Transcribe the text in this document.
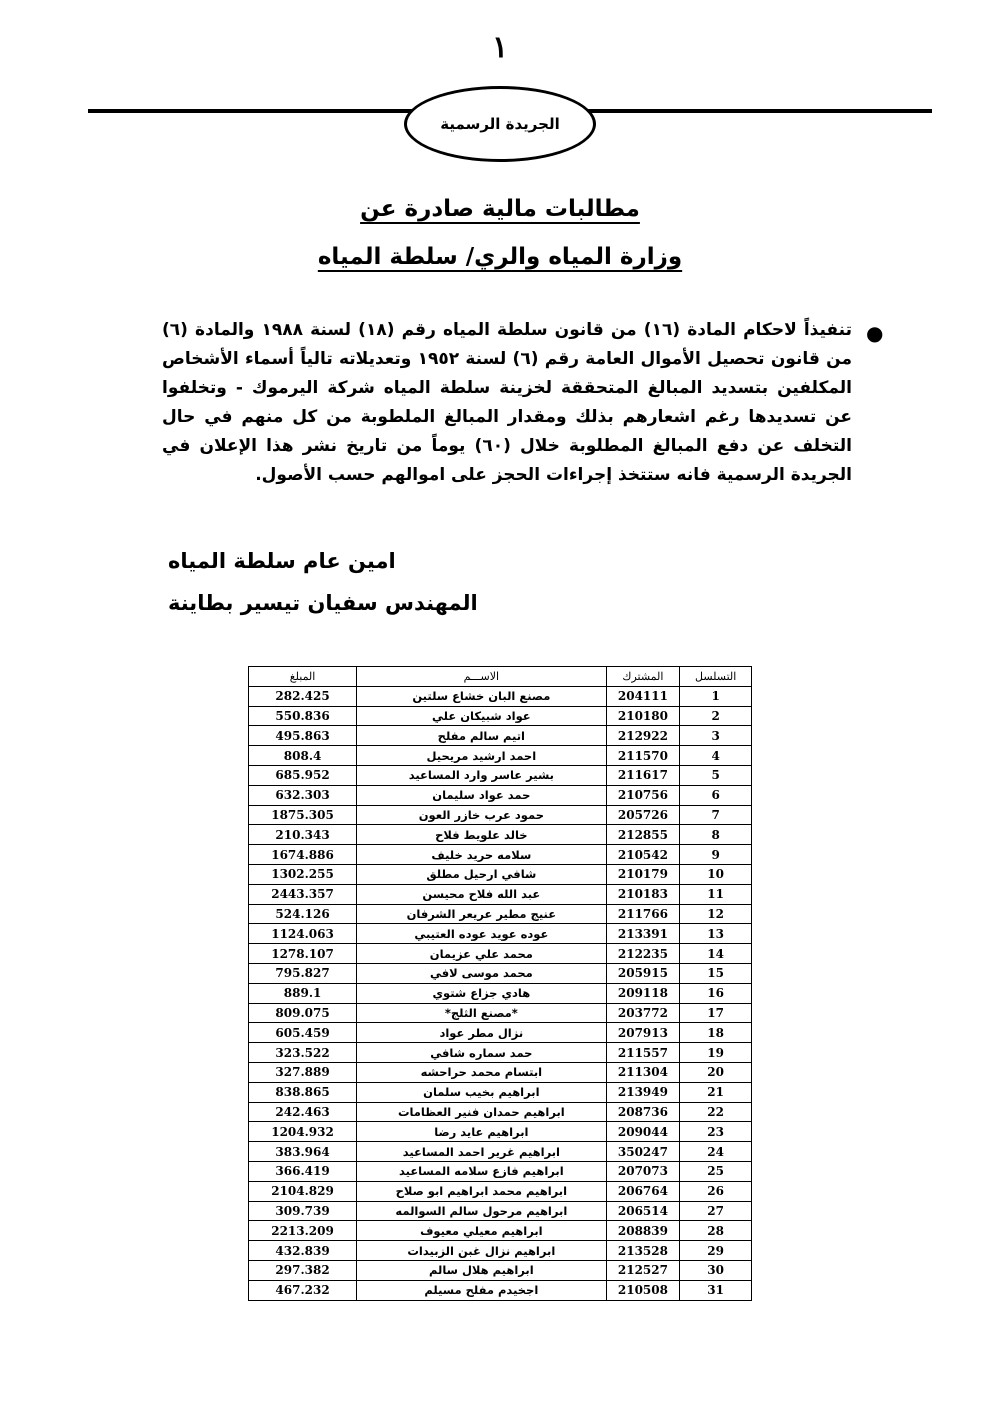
١
الجريدة الرسمية
مطالبات مالية صادرة عن
وزارة المياه والري/ سلطة المياه
●
تنفيذاً لاحكام المادة (١٦) من قانون سلطة المياه رقم (١٨) لسنة ١٩٨٨ والمادة (٦) من قانون تحصيل الأموال العامة رقم (٦) لسنة ١٩٥٢ وتعديلاته تالياً أسماء الأشخاص المكلفين بتسديد المبالغ المتحققة لخزينة سلطة المياه شركة اليرموك - وتخلفوا عن تسديدها رغم اشعارهم بذلك ومقدار المبالغ الملطوبة من كل منهم في حال التخلف عن دفع المبالغ المطلوبة خلال (٦٠) يوماً من تاريخ نشر هذا الإعلان في الجريدة الرسمية فانه ستتخذ إجراءات الحجز على اموالهم حسب الأصول.
امين عام سلطة المياه
المهندس سفيان تيسير بطاينة
التسلسل	المشترك	الاســـم	المبلغ
1	204111	مصنع البان خشاع سلتين	282.425
2	210180	عواد شبيكان علي	550.836
3	212922	اتيم سالم مفلح	495.863
4	211570	احمد ارشيد مريحيل	808.4
5	211617	بشير عاسر وارد المساعيد	685.952
6	210756	حمد عواد سليمان	632.303
7	205726	حمود عرب خازر العون	1875.305
8	212855	خالد علويط فلاح	210.343
9	210542	سلامه حريد خليف	1674.886
10	210179	شافي ارحيل مطلق	1302.255
11	210183	عبد الله فلاح محيسن	2443.357
12	211766	عنيج مطير عريعر الشرفان	524.126
13	213391	عوده عويد عوده العتيبي	1124.063
14	212235	محمد علي عزيمان	1278.107
15	205915	محمد موسى لافي	795.827
16	209118	هادي جزاع شتوي	889.1
17	203772	*مصنع الثلج*	809.075
18	207913	نزال مطر عواد	605.459
19	211557	حمد سماره شافي	323.522
20	211304	ابتسام محمد حراحشه	327.889
21	213949	ابراهيم بخيب سلمان	838.865
22	208736	ابراهيم حمدان فنير العظامات	242.463
23	209044	ابراهيم عايد رضا	1204.932
24	350247	ابراهيم غرير احمد المساعيد	383.964
25	207073	ابراهيم فازع سلامه المساعيد	366.419
26	206764	ابراهيم محمد ابراهيم ابو صلاح	2104.829
27	206514	ابراهيم مرحول سالم السوالمه	309.739
28	208839	ابراهيم معيلي معيوف	2213.209
29	213528	ابراهيم نزال غبن الزبيدات	432.839
30	212527	ابراهيم هلال سالم	297.382
31	210508	اجخيدم مفلح مسيلم	467.232
